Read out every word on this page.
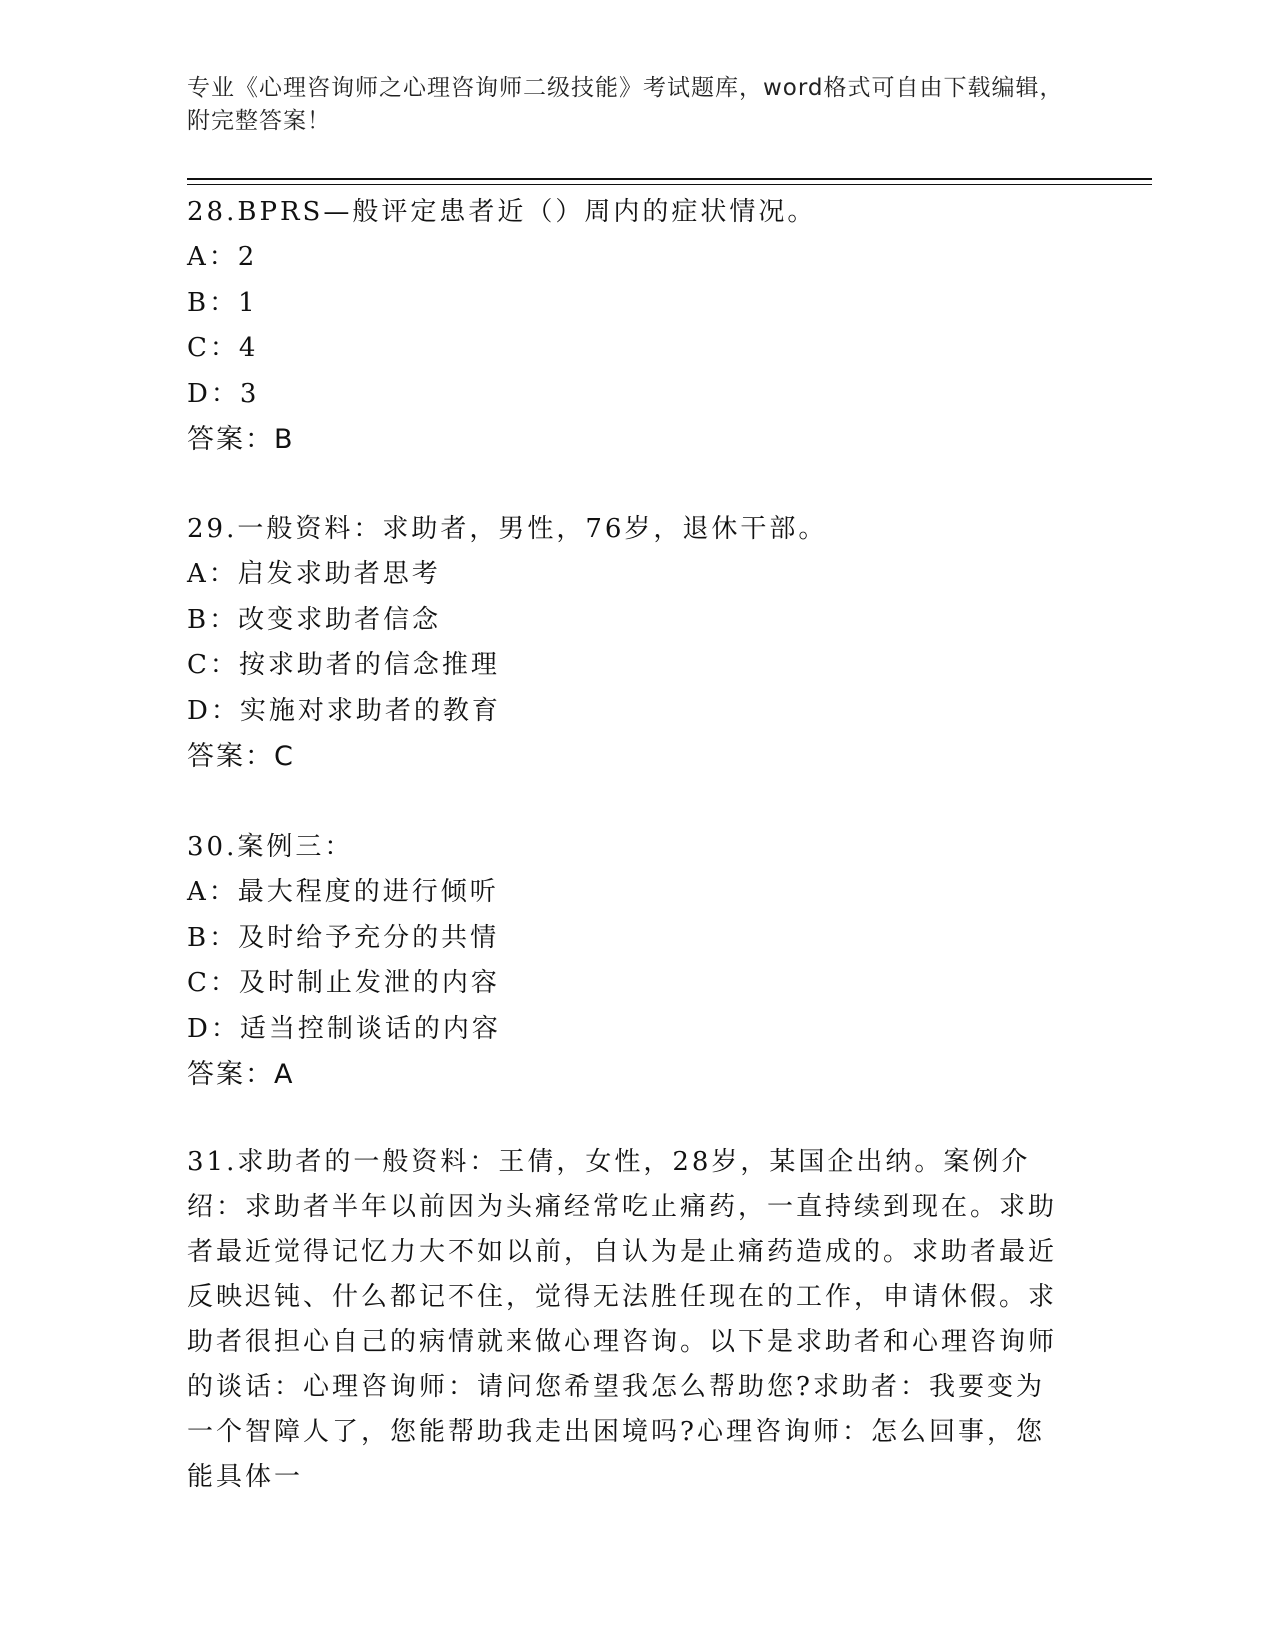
专业《心理咨询师之心理咨询师二级技能》考试题库，word格式可自由下载编辑，附完整答案！
28.BPRS—般评定患者近（）周内的症状情况。
A：2
B：1
C：4
D：3
答案：B
29.一般资料：求助者，男性，76岁，退休干部。
A：启发求助者思考
B：改变求助者信念
C：按求助者的信念推理
D：实施对求助者的教育
答案：C
30.案例三：
A：最大程度的进行倾听
B：及时给予充分的共情
C：及时制止发泄的内容
D：适当控制谈话的内容
答案：A
31.求助者的一般资料：王倩，女性，28岁，某国企出纳。案例介绍：求助者半年以前因为头痛经常吃止痛药，一直持续到现在。求助者最近觉得记忆力大不如以前，自认为是止痛药造成的。求助者最近反映迟钝、什么都记不住，觉得无法胜任现在的工作，申请休假。求助者很担心自己的病情就来做心理咨询。以下是求助者和心理咨询师的谈话：心理咨询师：请问您希望我怎么帮助您?求助者：我要变为一个智障人了，您能帮助我走出困境吗?心理咨询师：怎么回事，您能具体一
